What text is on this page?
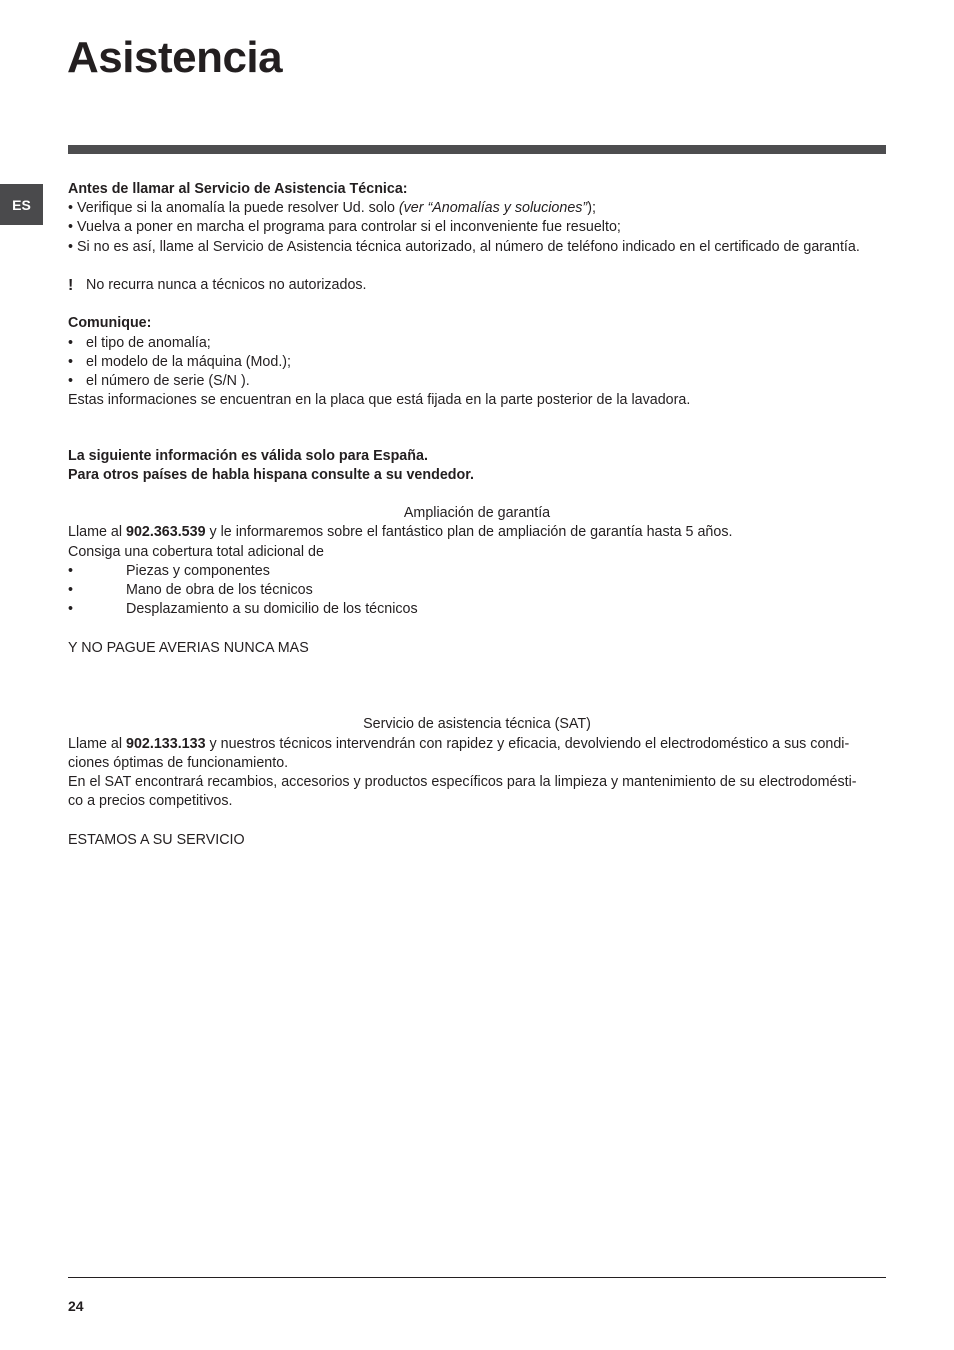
Asistencia
ES
Antes de llamar al Servicio de Asistencia Técnica:
• Verifique si la anomalía la puede resolver Ud. solo (ver “Anomalías y soluciones”);
• Vuelva a poner en marcha el programa para controlar si el inconveniente fue resuelto;
• Si no es así, llame al Servicio de Asistencia técnica autorizado, al número de teléfono indicado en el certificado de garantía.
! No recurra nunca a técnicos no autorizados.
Comunique:
• el tipo de anomalía;
• el modelo de la máquina (Mod.);
• el número de serie (S/N ).
Estas informaciones se encuentran en la placa que está fijada en la parte posterior de la lavadora.
La siguiente información es válida solo para España.
Para otros países de habla hispana consulte a su vendedor.
Ampliación de garantía
Llame al 902.363.539 y le informaremos sobre el fantástico plan de ampliación de garantía hasta 5 años.
Consiga una cobertura total adicional de
•	Piezas y componentes
•	Mano de obra de los técnicos
•	Desplazamiento a su domicilio de los técnicos
Y NO PAGUE AVERIAS NUNCA MAS
Servicio de asistencia técnica (SAT)
Llame al 902.133.133 y nuestros técnicos intervendrán con rapidez y eficacia, devolviendo el electrodoméstico a sus condi-
ciones óptimas de funcionamiento.
En el SAT encontrará recambios, accesorios y productos específicos para la limpieza y mantenimiento de su electrodomésti-
co a precios competitivos.
ESTAMOS A SU SERVICIO
24
